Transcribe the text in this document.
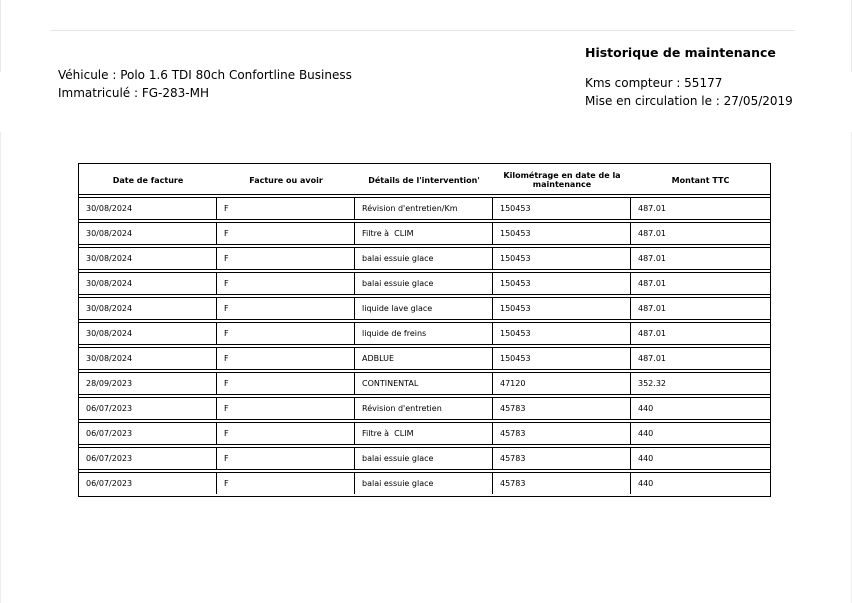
Véhicule : Polo 1.6 TDI 80ch Confortline Business
Immatriculé : FG-283-MH
Historique de maintenance
Kms compteur : 55177
Mise en circulation le : 27/05/2019
Date de facture	Facture ou avoir	Détails de l'intervention'	Kilométrage en date de la maintenance	Montant TTC
30/08/2024	F	Révision d'entretien/Km	150453	487.01
30/08/2024	F	Filtre à  CLIM	150453	487.01
30/08/2024	F	balai essuie glace	150453	487.01
30/08/2024	F	balai essuie glace	150453	487.01
30/08/2024	F	liquide lave glace	150453	487.01
30/08/2024	F	liquide de freins	150453	487.01
30/08/2024	F	ADBLUE	150453	487.01
28/09/2023	F	CONTINENTAL	47120	352.32
06/07/2023	F	Révision d'entretien	45783	440
06/07/2023	F	Filtre à  CLIM	45783	440
06/07/2023	F	balai essuie glace	45783	440
06/07/2023	F	balai essuie glace	45783	440
